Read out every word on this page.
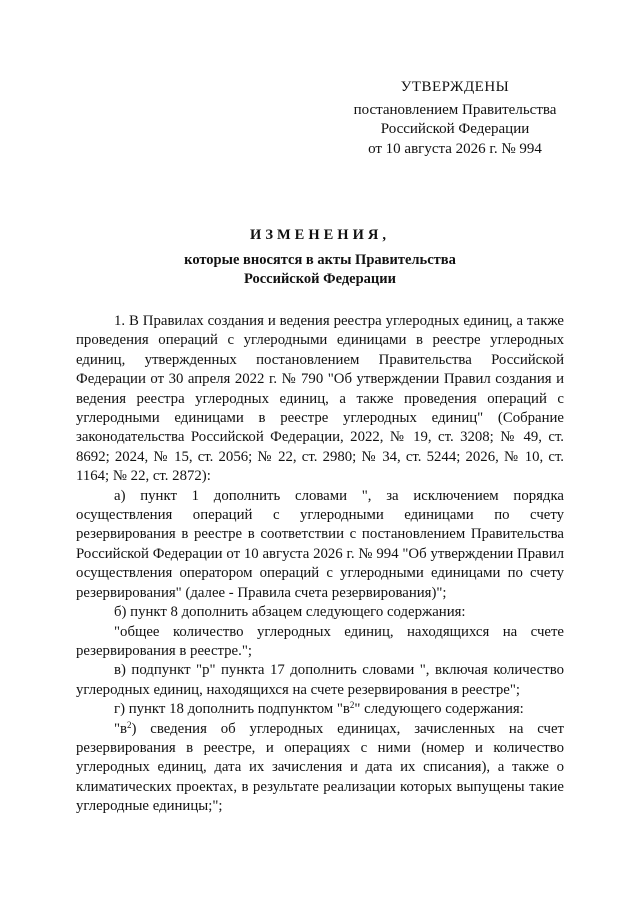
УТВЕРЖДЕНЫ
постановлением Правительства
Российской Федерации
от 10 августа 2026 г. № 994
ИЗМЕНЕНИЯ,
которые вносятся в акты Правительства
Российской Федерации

1. В Правилах создания и ведения реестра углеродных единиц, а также проведения операций с углеродными единицами в реестре углеродных единиц, утвержденных постановлением Правительства Российской Федерации от 30 апреля 2022 г. № 790 "Об утверждении Правил создания и ведения реестра углеродных единиц, а также проведения операций с углеродными единицами в реестре углеродных единиц" (Собрание законодательства Российской Федерации, 2022, № 19, ст. 3208; № 49, ст. 8692; 2024, № 15, ст. 2056; № 22, ст. 2980; № 34, ст. 5244; 2026, № 10, ст. 1164; № 22, ст. 2872):

а) пункт 1 дополнить словами ", за исключением порядка осуществления операций с углеродными единицами по счету резервирования в реестре в соответствии с постановлением Правительства Российской Федерации от 10 августа 2026 г. № 994 "Об утверждении Правил осуществления оператором операций с углеродными единицами по счету резервирования" (далее - Правила счета резервирования)";

б) пункт 8 дополнить абзацем следующего содержания:

"общее количество углеродных единиц, находящихся на счете резервирования в реестре.";

в) подпункт "р" пункта 17 дополнить словами ", включая количество углеродных единиц, находящихся на счете резервирования в реестре";

г) пункт 18 дополнить подпунктом "$в^2$" следующего содержания:

"$в^2$) сведения об углеродных единицах, зачисленных на счет резервирования в реестре, и операциях с ними (номер и количество углеродных единиц, дата их зачисления и дата их списания), а также о климатических проектах, в результате реализации которых выпущены такие углеродные единицы;";
